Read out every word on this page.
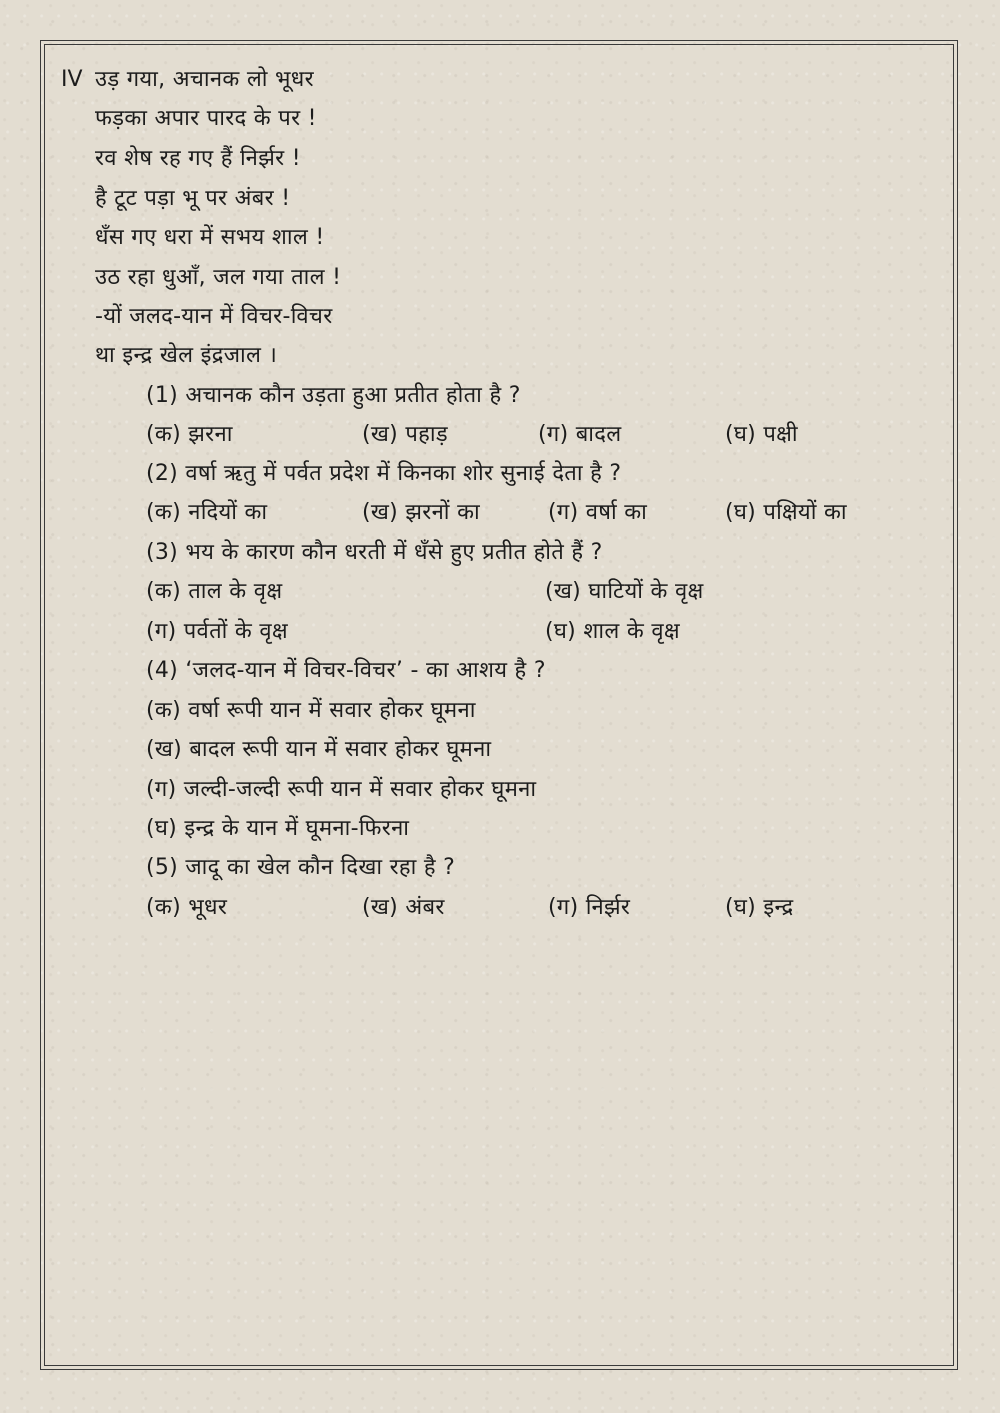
IV उड़ गया, अचानक लो भूधर
फड़का अपार पारद के पर !
रव शेष रह गए हैं निर्झर !
है टूट पड़ा भू पर अंबर !
धँस गए धरा में सभय शाल !
उठ रहा धुआँ, जल गया ताल !
-यों जलद-यान में विचर-विचर
था इन्द्र खेल इंद्रजाल ।
(1) अचानक कौन उड़ता हुआ प्रतीत होता है ?
(क) झरना	(ख) पहाड़	(ग) बादल	(घ) पक्षी
(2) वर्षा ऋतु में पर्वत प्रदेश में किनका शोर सुनाई देता है ?
(क) नदियों का	(ख) झरनों का	(ग) वर्षा का	(घ) पक्षियों का
(3) भय के कारण कौन धरती में धँसे हुए प्रतीत होते हैं ?
(क) ताल के वृक्ष	(ख) घाटियों के वृक्ष
(ग) पर्वतों के वृक्ष	(घ) शाल के वृक्ष
(4) ‘जलद-यान में विचर-विचर’ - का आशय है ?
(क) वर्षा रूपी यान में सवार होकर घूमना
(ख) बादल रूपी यान में सवार होकर घूमना
(ग) जल्दी-जल्दी रूपी यान में सवार होकर घूमना
(घ) इन्द्र के यान में घूमना-फिरना
(5) जादू का खेल कौन दिखा रहा है ?
(क) भूधर	(ख) अंबर	(ग) निर्झर	(घ) इन्द्र
